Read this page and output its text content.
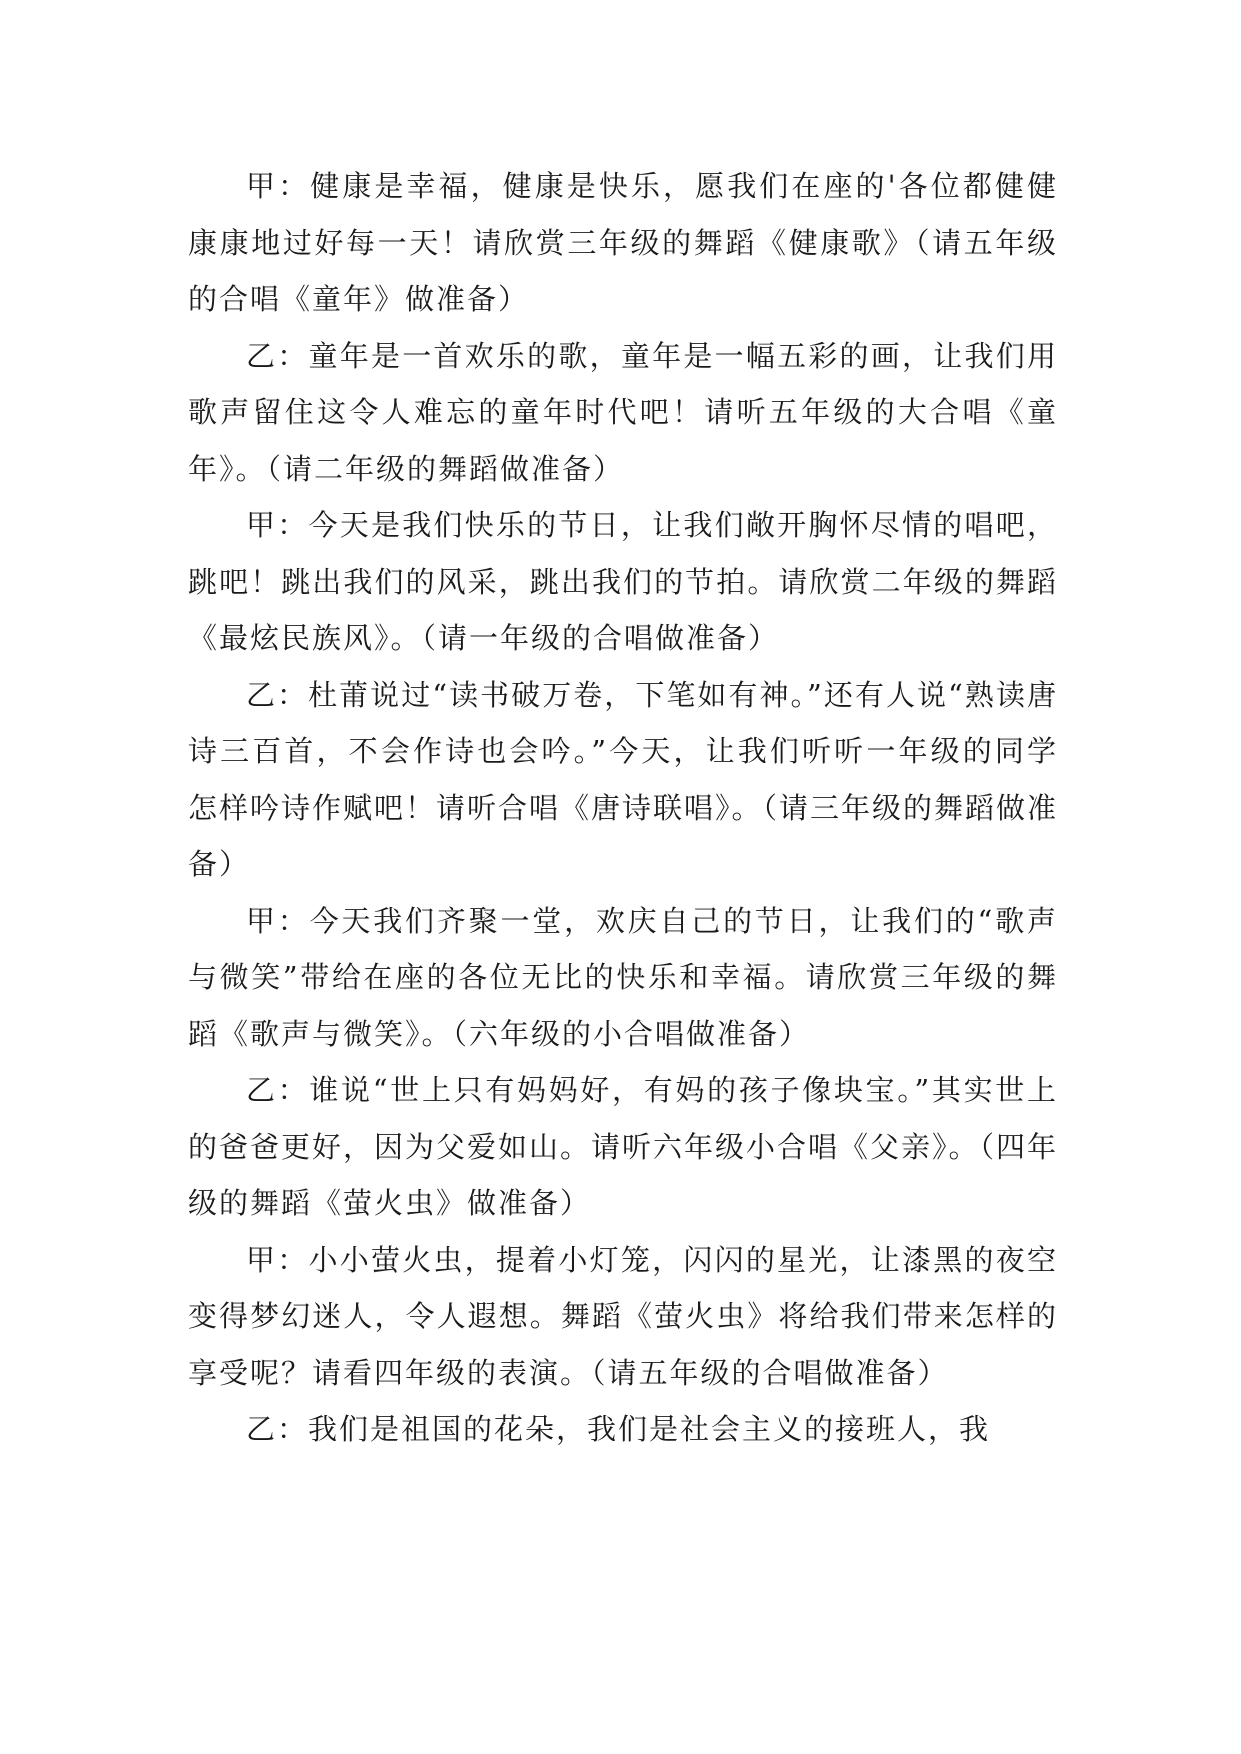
甲：健康是幸福，健康是快乐，愿我们在座的'各位都健健康康地过好每一天！请欣赏三年级的舞蹈《健康歌》（请五年级的合唱《童年》做准备）

乙：童年是一首欢乐的歌，童年是一幅五彩的画，让我们用歌声留住这令人难忘的童年时代吧！请听五年级的大合唱《童年》。（请二年级的舞蹈做准备）

甲：今天是我们快乐的节日，让我们敞开胸怀尽情的唱吧，跳吧！跳出我们的风采，跳出我们的节拍。请欣赏二年级的舞蹈《最炫民族风》。（请一年级的合唱做准备）

乙：杜莆说过“读书破万卷，下笔如有神。”还有人说“熟读唐诗三百首，不会作诗也会吟。”今天，让我们听听一年级的同学怎样吟诗作赋吧！请听合唱《唐诗联唱》。（请三年级的舞蹈做准备）

甲：今天我们齐聚一堂，欢庆自己的节日，让我们的“歌声与微笑”带给在座的各位无比的快乐和幸福。请欣赏三年级的舞蹈《歌声与微笑》。（六年级的小合唱做准备）

乙：谁说“世上只有妈妈好，有妈的孩子像块宝。”其实世上的爸爸更好，因为父爱如山。请听六年级小合唱《父亲》。（四年级的舞蹈《萤火虫》做准备）

甲：小小萤火虫，提着小灯笼，闪闪的星光，让漆黑的夜空变得梦幻迷人，令人遐想。舞蹈《萤火虫》将给我们带来怎样的享受呢？请看四年级的表演。（请五年级的合唱做准备）

乙：我们是祖国的花朵，我们是社会主义的接班人，我
